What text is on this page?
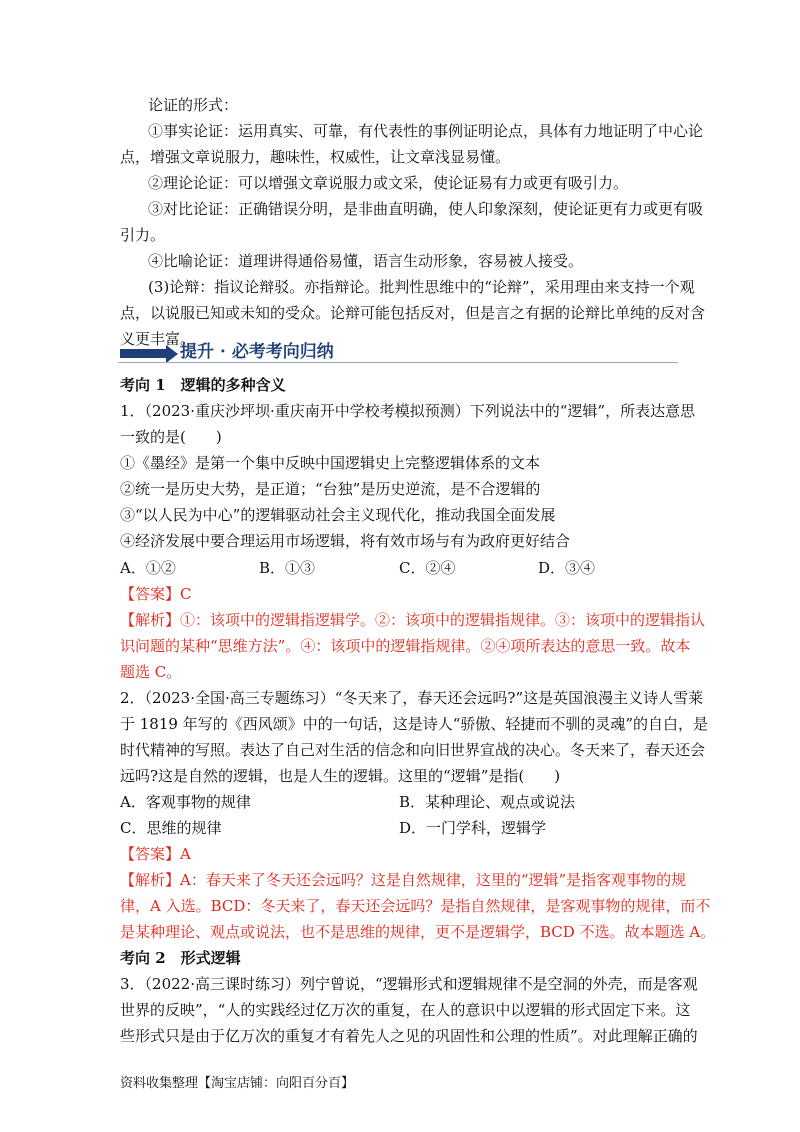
论证的形式：
①事实论证：运用真实、可靠，有代表性的事例证明论点，具体有力地证明了中心论
点，增强文章说服力，趣味性，权威性，让文章浅显易懂。
②理论论证：可以增强文章说服力或文采，使论证易有力或更有吸引力。
③对比论证：正确错误分明，是非曲直明确，使人印象深刻，使论证更有力或更有吸
引力。
④比喻论证：道理讲得通俗易懂，语言生动形象，容易被人接受。
(3)论辩：指议论辩驳。亦指辩论。批判性思维中的“论辩”，采用理由来支持一个观
点，以说服已知或未知的受众。论辩可能包括反对，但是言之有据的论辩比单纯的反对含
义更丰富。
提升 · 必考考向归纳
考向 1　逻辑的多种含义
1．（2023·重庆沙坪坝·重庆南开中学校考模拟预测）下列说法中的“逻辑”，所表达意思
一致的是(　　)
①《墨经》是第一个集中反映中国逻辑史上完整逻辑体系的文本
②统一是历史大势，是正道；“台独”是历史逆流，是不合逻辑的
③“以人民为中心”的逻辑驱动社会主义现代化，推动我国全面发展
④经济发展中要合理运用市场逻辑，将有效市场与有为政府更好结合
A．①②	B．①③	C．②④	D．③④
【答案】C
【解析】①：该项中的逻辑指逻辑学。②：该项中的逻辑指规律。③：该项中的逻辑指认
识问题的某种“思维方法”。④：该项中的逻辑指规律。②④项所表达的意思一致。故本
题选 C。
2．（2023·全国·高三专题练习）“冬天来了，春天还会远吗?”这是英国浪漫主义诗人雪莱
于 1819 年写的《西风颂》中的一句话，这是诗人“骄傲、轻捷而不驯的灵魂”的自白，是
时代精神的写照。表达了自己对生活的信念和向旧世界宣战的决心。冬天来了，春天还会
远吗?这是自然的逻辑，也是人生的逻辑。这里的“逻辑”是指(　　)
A．客观事物的规律	B．某种理论、观点或说法
C．思维的规律	D．一门学科，逻辑学
【答案】A
【解析】A：春天来了冬天还会远吗？这是自然规律，这里的“逻辑”是指客观事物的规
律，A 入选。BCD：冬天来了，春天还会远吗？是指自然规律，是客观事物的规律，而不
是某种理论、观点或说法，也不是思维的规律，更不是逻辑学，BCD 不选。故本题选 A。
考向 2　形式逻辑
3．（2022·高三课时练习）列宁曾说，“逻辑形式和逻辑规律不是空洞的外壳，而是客观
世界的反映”，“人的实践经过亿万次的重复，在人的意识中以逻辑的形式固定下来。这
些形式只是由于亿万次的重复才有着先人之见的巩固性和公理的性质”。对此理解正确的
资料收集整理【淘宝店铺：向阳百分百】
